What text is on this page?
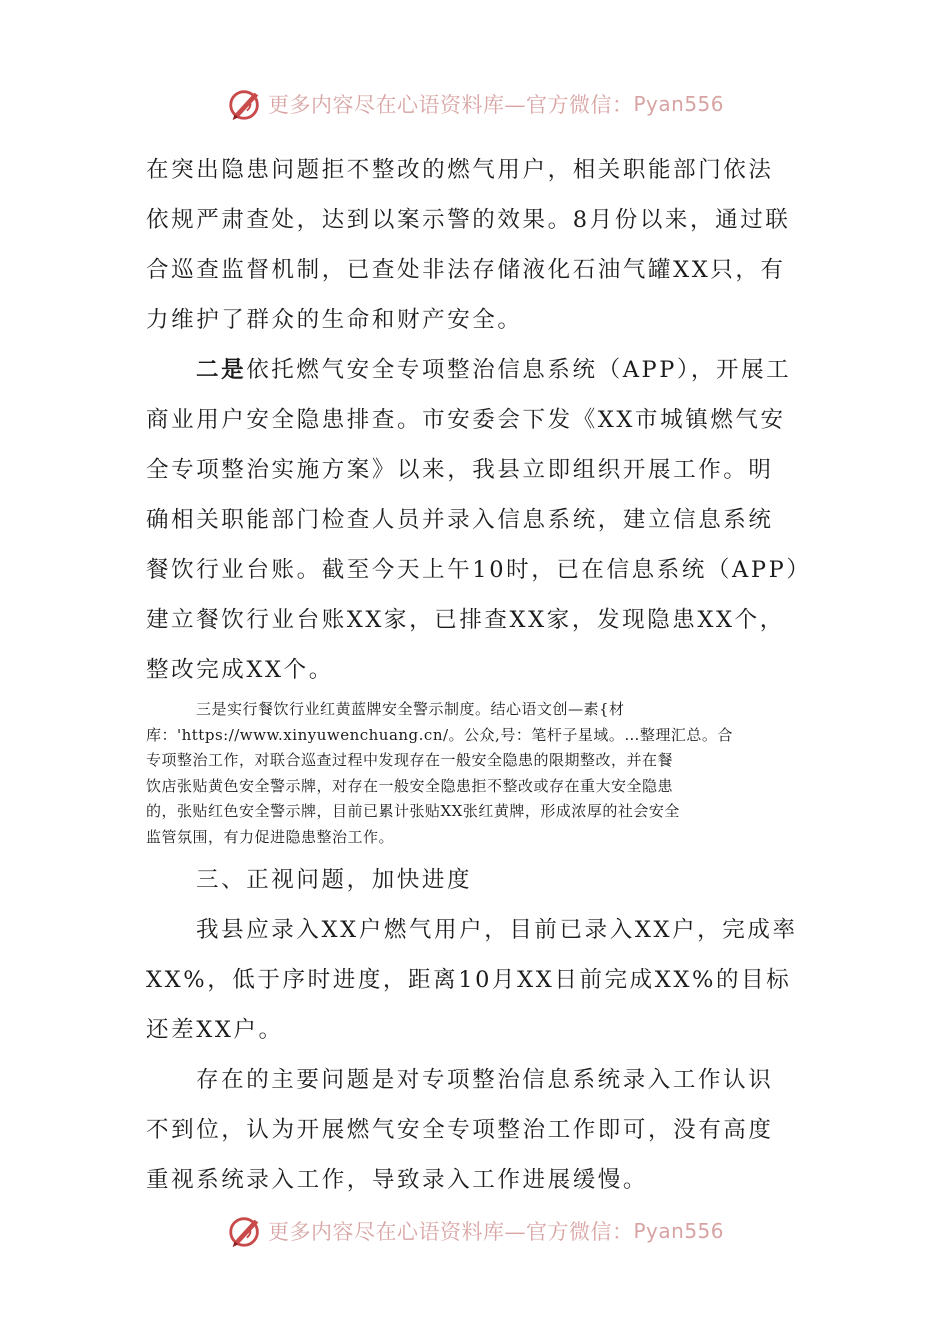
更多内容尽在心语资料库—官方微信： Pyan556

在突出隐患问题拒不整改的燃气用户，相关职能部门依法
依规严肃查处，达到以案示警的效果。8月份以来，通过联
合巡查监督机制，已查处非法存储液化石油气罐XX只，有
力维护了群众的生命和财产安全。

二是依托燃气安全专项整治信息系统（APP），开展工
商业用户安全隐患排查。市安委会下发《XX市城镇燃气安
全专项整治实施方案》以来，我县立即组织开展工作。明
确相关职能部门检查人员并录入信息系统，建立信息系统
餐饮行业台账。截至今天上午10时，已在信息系统（APP）
建立餐饮行业台账XX家，已排查XX家，发现隐患XX个，
整改完成XX个。

三是实行餐饮行业红黄蓝牌安全警示制度。结心语文创—素{材
库：'https://www.xinyuwenchuang.cn/。公众,号：笔杆子星域。…整理汇总。合
专项整治工作，对联合巡查过程中发现存在一般安全隐患的限期整改，并在餐
饮店张贴黄色安全警示牌，对存在一般安全隐患拒不整改或存在重大安全隐患
的，张贴红色安全警示牌，目前已累计张贴XX张红黄牌，形成浓厚的社会安全
监管氛围，有力促进隐患整治工作。

三、正视问题，加快进度

我县应录入XX户燃气用户，目前已录入XX户，完成率
XX%，低于序时进度，距离10月XX日前完成XX%的目标
还差XX户。

存在的主要问题是对专项整治信息系统录入工作认识
不到位，认为开展燃气安全专项整治工作即可，没有高度
重视系统录入工作，导致录入工作进展缓慢。

更多内容尽在心语资料库—官方微信： Pyan556
